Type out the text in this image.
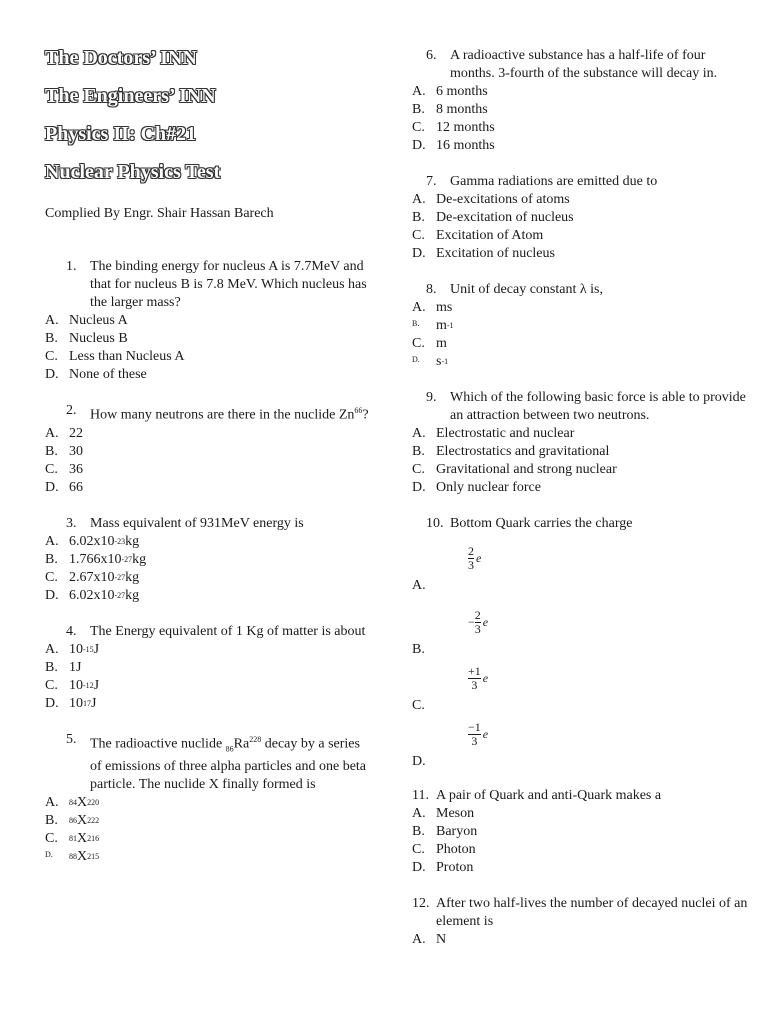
The Doctors’ INN
The Engineers’ INN
Physics II: Ch#21
Nuclear Physics Test
Complied By Engr. Shair Hassan Barech
1. The binding energy for nucleus A is 7.7MeV and that for nucleus B is 7.8 MeV. Which nucleus has the larger mass?
A. Nucleus A
B. Nucleus B
C. Less than Nucleus A
D. None of these
2. How many neutrons are there in the nuclide Zn$^{66}$?
A. 22
B. 30
C. 36
D. 66
3. Mass equivalent of 931MeV energy is
A. 6.02x10 -23 kg
B. 1.766x10 -27 kg
C. 2.67x10 -27 kg
D. 6.02x10 -27 kg
4. The Energy equivalent of 1 Kg of matter is about
A. 10 -15 J
B. 1J
C. 10 -12 J
D. 10 17 J
5. The radioactive nuclide $_{86}Ra^{228}$ decay by a series of emissions of three alpha particles and one beta particle. The nuclide X finally formed is
A.	84 X 220
B.	86 X 222
C.	81 X 216
D.	88 X 215
6. A radioactive substance has a half-life of four months. 3-fourth of the substance will decay in.
A. 6 months
B. 8 months
C. 12 months
D. 16 months
7. Gamma radiations are emitted due to
A. De-excitations of atoms
B. De-excitation of nucleus
C. Excitation of Atom
D. Excitation of nucleus
8. Unit of decay constant λ is,
A. ms
B.	m -1
C. m
D.	s -1
9. Which of the following basic force is able to provide an attraction between two neutrons.
A. Electrostatic and nuclear
B. Electrostatics and gravitational
C. Gravitational and strong nuclear
D. Only nuclear force
10. Bottom Quark carries the charge
$\frac{2}{3}$ e
A.
− $\frac{2}{3}$ e
B.
$\frac{+1}{3}$ e
C.
$\frac{-1}{3}$ e
D.
11. A pair of Quark and anti-Quark makes a
A. Meson
B. Baryon
C. Photon
D. Proton
12. After two half-lives the number of decayed nuclei of an element is
A. N
